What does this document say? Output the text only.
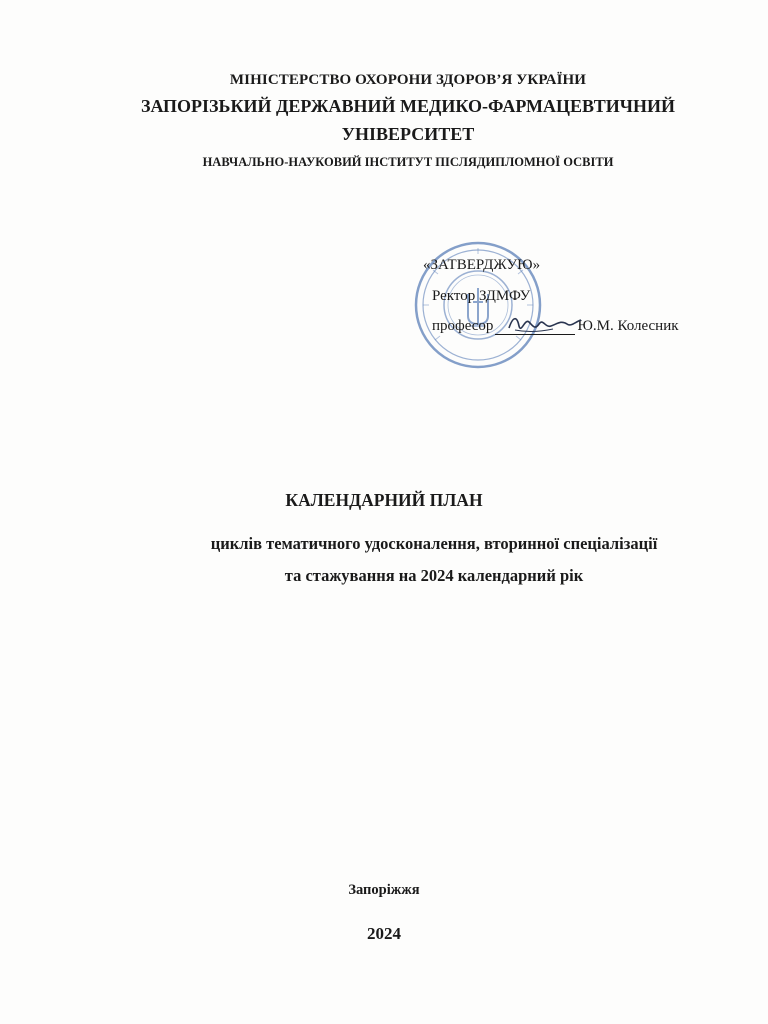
МІНІСТЕРСТВО ОХОРОНИ ЗДОРОВ’Я УКРАЇНИ
ЗАПОРІЗЬКИЙ ДЕРЖАВНИЙ МЕДИКО-ФАРМАЦЕВТИЧНИЙ
УНІВЕРСИТЕТ
НАВЧАЛЬНО-НАУКОВИЙ ІНСТИТУТ ПІСЛЯДИПЛОМНОЇ ОСВІТИ
«ЗАТВЕРДЖУЮ»
Ректор ЗДМФУ
професор	Ю.М. Колесник
КАЛЕНДАРНИЙ ПЛАН
циклів тематичного удосконалення, вторинної спеціалізації
та стажування на 2024 календарний рік
Запоріжжя
2024
